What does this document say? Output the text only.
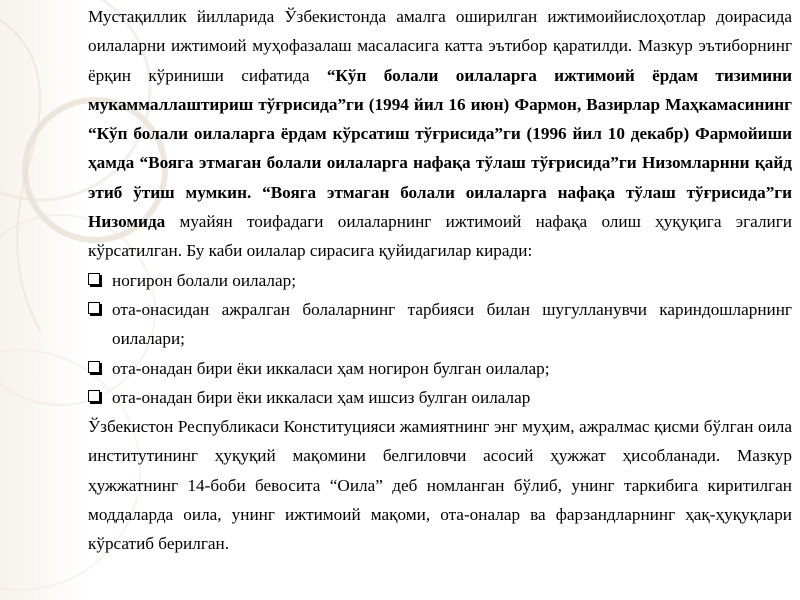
Мустақиллик йилларида Ўзбекистонда амалга оширилган ижтимоийислоҳотлар доирасида оилаларни ижтимоий муҳофазалаш масаласига катта эътибор қаратилди. Мазкур эътиборнинг ёрқин кўриниши сифатида “Кўп болали оилаларга ижтимоий ёрдам тизимини мукаммаллаштириш тўғрисида”ги (1994 йил 16 июн) Фармон, Вазирлар Маҳкамасининг “Кўп болали оилаларга ёрдам кўрсатиш тўғрисида”ги (1996 йил 10 декабр) Фармойиши ҳамда “Вояга этмаган болали оилаларга нафақа тўлаш тўғрисида”ги Низомларнни қайд этиб ўтиш мумкин. “Вояга этмаган болали оилаларга нафақа тўлаш тўғрисида”ги Низомида муайян тоифадаги оилаларнинг ижтимоий нафақа олиш ҳуқуқига эгалиги кўрсатилган. Бу каби оилалар сирасига қуйидагилар киради:

ногирон болали оилалар;
ота-онасидан ажралган болаларнинг тарбияси билан шугулланувчи кариндошларнинг оилалари;
ота-онадан бири ёки иккаласи ҳам ногирон булган оилалар;
ота-онадан бири ёки иккаласи ҳам ишсиз булган оилалар

Ўзбекистон Республикаси Конституцияси жамиятнинг энг муҳим, ажралмас қисми бўлган оила институтининг ҳуқуқий мақомини белгиловчи асосий ҳужжат ҳисобланади. Мазкур ҳужжатнинг 14-боби бевосита “Оила” деб номланган бўлиб, унинг таркибига киритилган моддаларда оила, унинг ижтимоий мақоми, ота-оналар ва фарзандларнинг ҳақ-ҳуқуқлари кўрсатиб берилган.
